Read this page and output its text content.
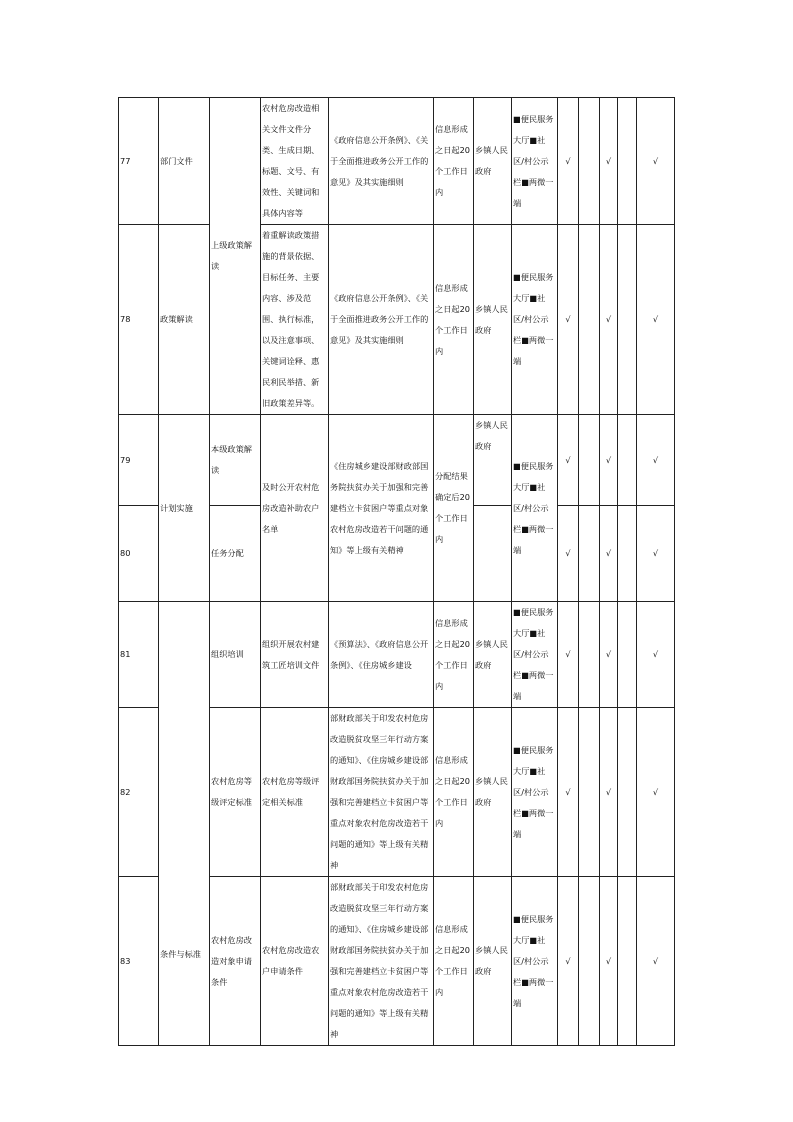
77	部门文件	上级政策解读	农村危房改造相关文件文件分类、生成日期、标题、文号、有效性、关键词和具体内容等	《政府信息公开条例》、《关于全面推进政务公开工作的意见》及其实施细则	信息形成之日起20个工作日内	乡镇人民政府	■便民服务大厅■社区/村公示栏■两微一端	√		√		√
78	政策解读		着重解读政策措施的背景依据、目标任务、主要内容、涉及范围、执行标准，以及注意事项、关键词诠释、惠民利民举措、新旧政策差异等。	《政府信息公开条例》、《关于全面推进政务公开工作的意见》及其实施细则	信息形成之日起20个工作日内	乡镇人民政府	■便民服务大厅■社区/村公示栏■两微一端	√		√		√
79	计划实施	本级政策解读	及时公开农村危房改造补助农户名单	《住房城乡建设部财政部国务院扶贫办关于加强和完善建档立卡贫困户等重点对象农村危房改造若干问题的通知》等上级有关精神	分配结果确定后20个工作日内	乡镇人民政府	■便民服务大厅■社区/村公示栏■两微一端	√		√		√
80		任务分配						√		√		√
81	条件与标准	组织培训	组织开展农村建筑工匠培训文件	《预算法》、《政府信息公开条例》、《住房城乡建设	信息形成之日起20个工作日内	乡镇人民政府	■便民服务大厅■社区/村公示栏■两微一端	√		√		√
82		农村危房等级评定标准	农村危房等级评定相关标准	部财政部关于印发农村危房改造脱贫攻坚三年行动方案的通知》、《住房城乡建设部财政部国务院扶贫办关于加强和完善建档立卡贫困户等重点对象农村危房改造若干问题的通知》等上级有关精神	信息形成之日起20个工作日内	乡镇人民政府	■便民服务大厅■社区/村公示栏■两微一端	√		√		√
83		农村危房改造对象申请条件	农村危房改造农户申请条件	部财政部关于印发农村危房改造脱贫攻坚三年行动方案的通知》、《住房城乡建设部财政部国务院扶贫办关于加强和完善建档立卡贫困户等重点对象农村危房改造若干问题的通知》等上级有关精神	信息形成之日起20个工作日内	乡镇人民政府	■便民服务大厅■社区/村公示栏■两微一端	√		√		√
